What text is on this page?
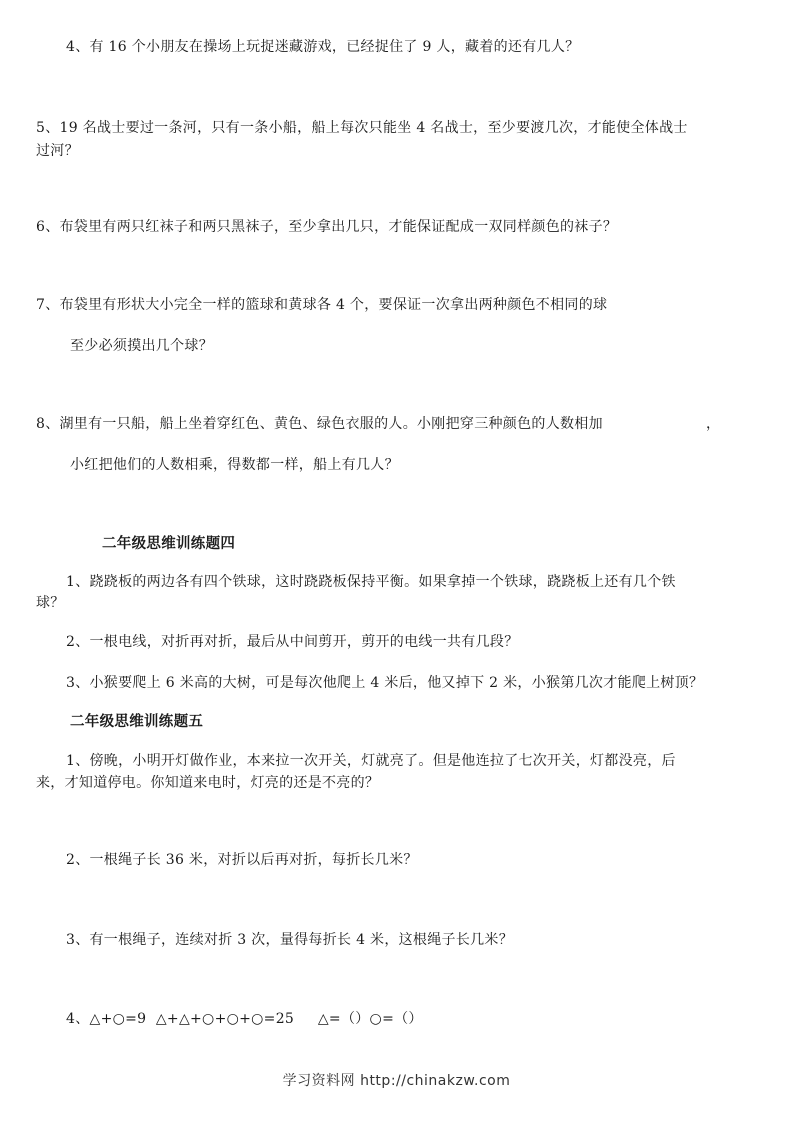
4、有 16 个小朋友在操场上玩捉迷藏游戏，已经捉住了 9 人，藏着的还有几人？
5、19 名战士要过一条河，只有一条小船，船上每次只能坐 4 名战士，至少要渡几次，才能使全体战士
过河？
6、布袋里有两只红袜子和两只黑袜子，至少拿出几只，才能保证配成一双同样颜色的袜子？
7、布袋里有形状大小完全一样的篮球和黄球各 4 个，要保证一次拿出两种颜色不相同的球
至少必须摸出几个球？
8、湖里有一只船，船上坐着穿红色、黄色、绿色衣服的人。小刚把穿三种颜色的人数相加	，
小红把他们的人数相乘，得数都一样，船上有几人？
二年级思维训练题四
1、跷跷板的两边各有四个铁球，这时跷跷板保持平衡。如果拿掉一个铁球，跷跷板上还有几个铁
球？
2、一根电线，对折再对折，最后从中间剪开，剪开的电线一共有几段？
3、小猴要爬上 6 米高的大树，可是每次他爬上 4 米后，他又掉下 2 米，小猴第几次才能爬上树顶？
二年级思维训练题五
1、傍晚，小明开灯做作业，本来拉一次开关，灯就亮了。但是他连拉了七次开关，灯都没亮，后
来，才知道停电。你知道来电时，灯亮的还是不亮的？
2、一根绳子长 36 米，对折以后再对折，每折长几米？
3、有一根绳子，连续对折 3 次，量得每折长 4 米，这根绳子长几米？
4、△+○=9  △+△+○+○+○=25     △=（）○=（）
学习资料网 http://chinakzw.com
